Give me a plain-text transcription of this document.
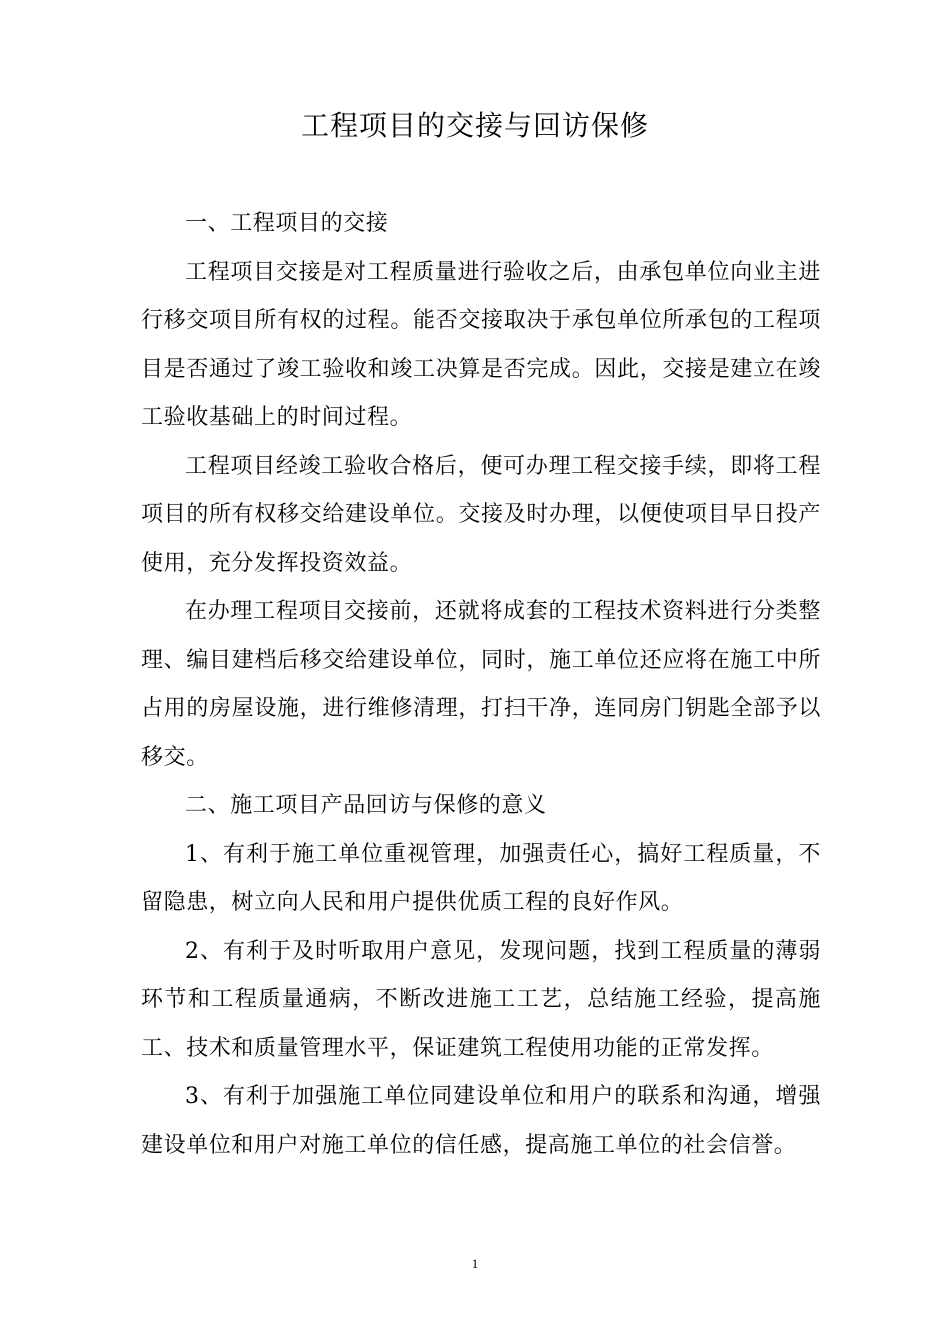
工程项目的交接与回访保修

一、工程项目的交接

工程项目交接是对工程质量进行验收之后，由承包单位向业主进行移交项目所有权的过程。能否交接取决于承包单位所承包的工程项目是否通过了竣工验收和竣工决算是否完成。因此，交接是建立在竣工验收基础上的时间过程。

工程项目经竣工验收合格后，便可办理工程交接手续，即将工程项目的所有权移交给建设单位。交接及时办理，以便使项目早日投产使用，充分发挥投资效益。

在办理工程项目交接前，还就将成套的工程技术资料进行分类整理、编目建档后移交给建设单位，同时，施工单位还应将在施工中所占用的房屋设施，进行维修清理，打扫干净，连同房门钥匙全部予以移交。

二、施工项目产品回访与保修的意义

1、有利于施工单位重视管理，加强责任心，搞好工程质量，不留隐患，树立向人民和用户提供优质工程的良好作风。

2、有利于及时听取用户意见，发现问题，找到工程质量的薄弱环节和工程质量通病，不断改进施工工艺，总结施工经验，提高施工、技术和质量管理水平，保证建筑工程使用功能的正常发挥。

3、有利于加强施工单位同建设单位和用户的联系和沟通，增强建设单位和用户对施工单位的信任感，提高施工单位的社会信誉。

1
